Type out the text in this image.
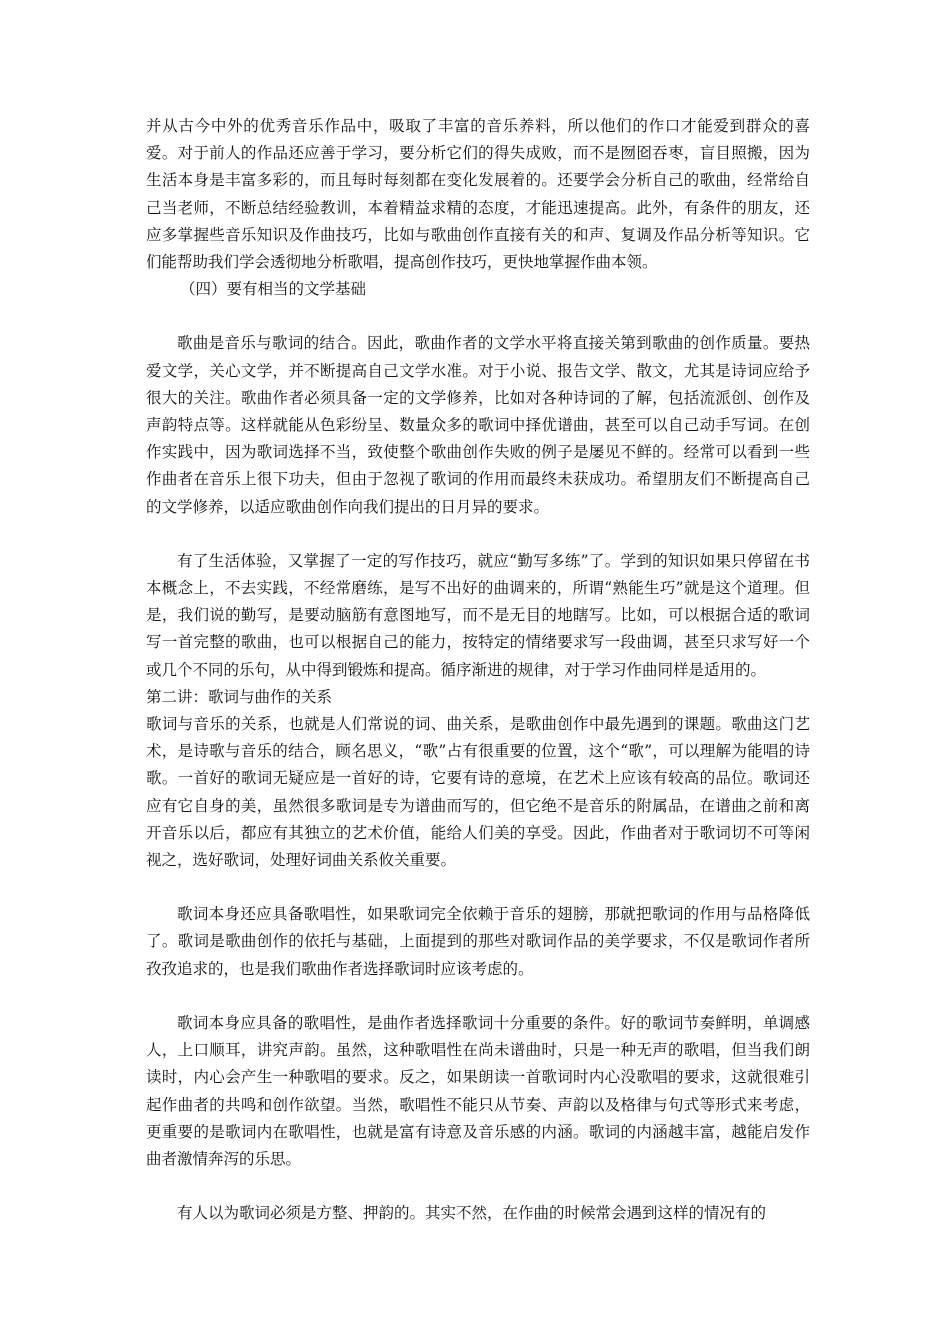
并从古今中外的优秀音乐作品中，吸取了丰富的音乐养料，所以他们的作口才能爱到群众的喜爱。对于前人的作品还应善于学习，要分析它们的得失成败，而不是囫囵吞枣，盲目照搬，因为生活本身是丰富多彩的，而且每时每刻都在变化发展着的。还要学会分析自己的歌曲，经常给自己当老师，不断总结经验教训，本着精益求精的态度，才能迅速提高。此外，有条件的朋友，还应多掌握些音乐知识及作曲技巧，比如与歌曲创作直接有关的和声、复调及作品分析等知识。它们能帮助我们学会透彻地分析歌唱，提高创作技巧，更快地掌握作曲本领。

（四）要有相当的文学基础

歌曲是音乐与歌词的结合。因此，歌曲作者的文学水平将直接关第到歌曲的创作质量。要热爱文学，关心文学，并不断提高自己文学水准。对于小说、报告文学、散文，尤其是诗词应给予很大的关注。歌曲作者必须具备一定的文学修养，比如对各种诗词的了解，包括流派创、创作及声韵特点等。这样就能从色彩纷呈、数量众多的歌词中择优谱曲，甚至可以自己动手写词。在创作实践中，因为歌词选择不当，致使整个歌曲创作失败的例子是屡见不鲜的。经常可以看到一些作曲者在音乐上很下功夫，但由于忽视了歌词的作用而最终未获成功。希望朋友们不断提高自己的文学修养，以适应歌曲创作向我们提出的日月异的要求。

有了生活体验，又掌握了一定的写作技巧，就应“勤写多练”了。学到的知识如果只停留在书本概念上，不去实践，不经常磨练，是写不出好的曲调来的，所谓“熟能生巧”就是这个道理。但是，我们说的勤写，是要动脑筋有意图地写，而不是无目的地瞎写。比如，可以根据合适的歌词写一首完整的歌曲，也可以根据自己的能力，按特定的情绪要求写一段曲调，甚至只求写好一个或几个不同的乐句，从中得到锻炼和提高。循序渐进的规律，对于学习作曲同样是适用的。

第二讲：歌词与曲作的关系

歌词与音乐的关系，也就是人们常说的词、曲关系，是歌曲创作中最先遇到的课题。歌曲这门艺术，是诗歌与音乐的结合，顾名思义，“歌”占有很重要的位置，这个“歌”，可以理解为能唱的诗歌。一首好的歌词无疑应是一首好的诗，它要有诗的意境，在艺术上应该有较高的品位。歌词还应有它自身的美，虽然很多歌词是专为谱曲而写的，但它绝不是音乐的附属品，在谱曲之前和离开音乐以后，都应有其独立的艺术价值，能给人们美的享受。因此，作曲者对于歌词切不可等闲视之，选好歌词，处理好词曲关系攸关重要。

歌词本身还应具备歌唱性，如果歌词完全依赖于音乐的翅膀，那就把歌词的作用与品格降低了。歌词是歌曲创作的依托与基础，上面提到的那些对歌词作品的美学要求，不仅是歌词作者所孜孜追求的，也是我们歌曲作者选择歌词时应该考虑的。

歌词本身应具备的歌唱性，是曲作者选择歌词十分重要的条件。好的歌词节奏鲜明，单调感人，上口顺耳，讲究声韵。虽然，这种歌唱性在尚未谱曲时，只是一种无声的歌唱，但当我们朗读时，内心会产生一种歌唱的要求。反之，如果朗读一首歌词时内心没歌唱的要求，这就很难引起作曲者的共鸣和创作欲望。当然，歌唱性不能只从节奏、声韵以及格律与句式等形式来考虑，更重要的是歌词内在歌唱性，也就是富有诗意及音乐感的内涵。歌词的内涵越丰富，越能启发作曲者激情奔泻的乐思。

有人以为歌词必须是方整、押韵的。其实不然，在作曲的时候常会遇到这样的情况有的
